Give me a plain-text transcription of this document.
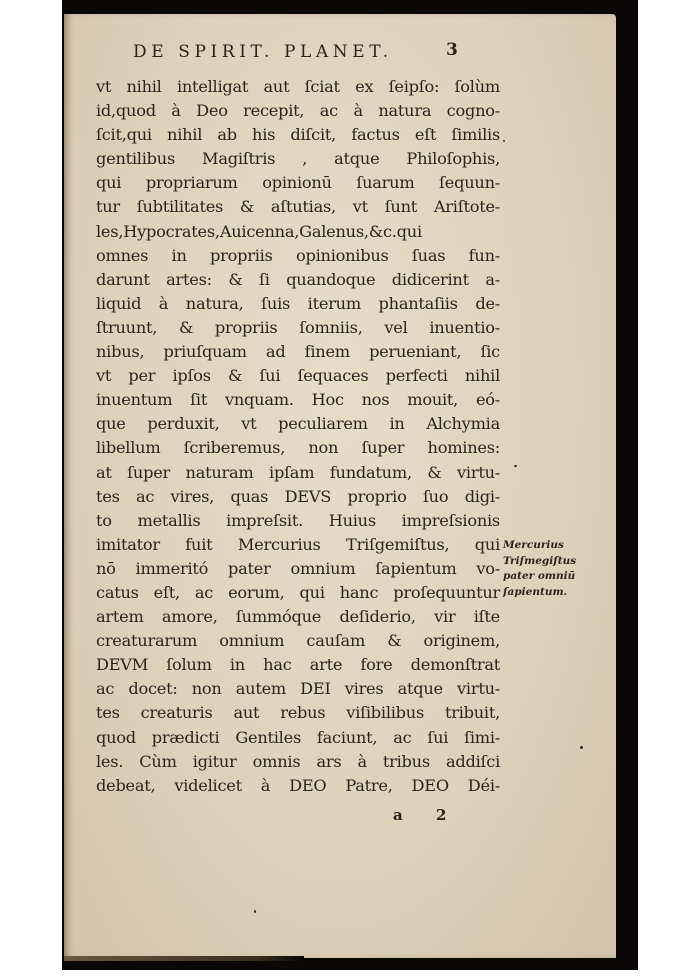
DE SPIRIT. PLANET.	3
vt nihil intelligat aut ſciat ex ſeipſo: ſolùm
id,quod à Deo recepit, ac à natura cogno-
ſcit,qui nihil ab his diſcit, factus eſt ſimilis
gentilibus Magiſtris , atque Philoſophis,
qui propriarum opinionū ſuarum ſequun-
tur ſubtilitates & aſtutias, vt ſunt Ariſtote-
les,Hypocrates,Auicenna,Galenus,&c.qui
omnes in propriis opinionibus ſuas fun-
darunt artes: & ſi quandoque didicerint a-
liquid à natura, ſuis iterum phantaſiis de-
ſtruunt, & propriis ſomniis, vel inuentio-
nibus, priuſquam ad finem perueniant, ſic
vt per ipſos & ſui ſequaces perfecti nihil
inuentum ſit vnquam. Hoc nos mouit, eó-
que perduxit, vt peculiarem in Alchymia
libellum ſcriberemus, non ſuper homines:
at ſuper naturam ipſam fundatum, & virtu-
tes ac vires, quas DEVS proprio ſuo digi-
to metallis impreſsit. Huius impreſsionis
imitator fuit Mercurius Triſgemiſtus, qui
nō immeritó pater omnium ſapientum vo-
catus eſt, ac eorum, qui hanc proſequuntur
artem amore, ſummóque deſiderio, vir iſte
creaturarum omnium cauſam & originem,
DEVM ſolum in hac arte fore demonſtrat
ac docet: non autem DEI vires atque virtu-
tes creaturis aut rebus viſibilibus tribuit,
quod prædicti Gentiles faciunt, ac ſui ſimi-
les. Cùm igitur omnis ars à tribus addiſci
debeat, videlicet à DEO Patre, DEO Déi-
Mercurius
Triſmegiſtus
pater omniū
ſapientum.
a 2
